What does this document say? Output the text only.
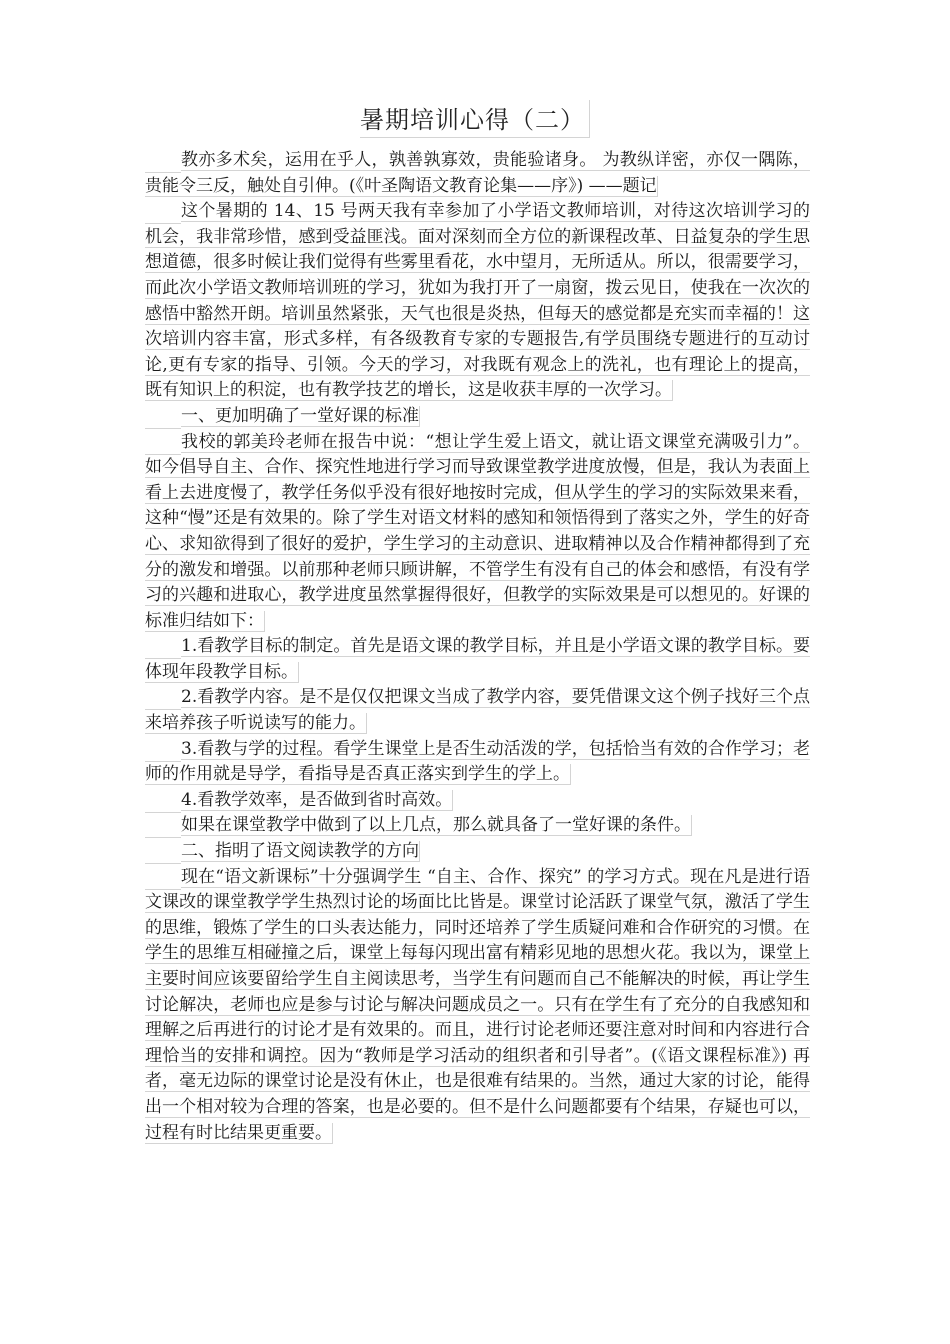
暑期培训心得（二）

教亦多术矣，运用在乎人，孰善孰寡效，贵能验诸身。 为教纵详密，亦仅一隅陈，贵能令三反，触处自引伸。(《叶圣陶语文教育论集——序》) ——题记

这个暑期的 14、15 号两天我有幸参加了小学语文教师培训，对待这次培训学习的机会，我非常珍惜，感到受益匪浅。面对深刻而全方位的新课程改革、日益复杂的学生思想道德，很多时候让我们觉得有些雾里看花，水中望月，无所适从。所以，很需要学习，而此次小学语文教师培训班的学习，犹如为我打开了一扇窗，拨云见日，使我在一次次的感悟中豁然开朗。培训虽然紧张，天气也很是炎热，但每天的感觉都是充实而幸福的！这次培训内容丰富，形式多样，有各级教育专家的专题报告,有学员围绕专题进行的互动讨论,更有专家的指导、引领。今天的学习，对我既有观念上的洗礼，也有理论上的提高，既有知识上的积淀，也有教学技艺的增长，这是收获丰厚的一次学习。

一、更加明确了一堂好课的标准

我校的郭美玲老师在报告中说：“想让学生爱上语文，就让语文课堂充满吸引力”。 如今倡导自主、合作、探究性地进行学习而导致课堂教学进度放慢，但是，我认为表面上看上去进度慢了，教学任务似乎没有很好地按时完成，但从学生的学习的实际效果来看，这种“慢”还是有效果的。除了学生对语文材料的感知和领悟得到了落实之外，学生的好奇心、求知欲得到了很好的爱护，学生学习的主动意识、进取精神以及合作精神都得到了充分的激发和增强。以前那种老师只顾讲解，不管学生有没有自己的体会和感悟，有没有学习的兴趣和进取心，教学进度虽然掌握得很好，但教学的实际效果是可以想见的。好课的标准归结如下：

1.看教学目标的制定。首先是语文课的教学目标，并且是小学语文课的教学目标。要体现年段教学目标。

2.看教学内容。是不是仅仅把课文当成了教学内容，要凭借课文这个例子找好三个点来培养孩子听说读写的能力。

3.看教与学的过程。看学生课堂上是否生动活泼的学，包括恰当有效的合作学习；老师的作用就是导学，看指导是否真正落实到学生的学上。

4.看教学效率，是否做到省时高效。

如果在课堂教学中做到了以上几点，那么就具备了一堂好课的条件。

二、指明了语文阅读教学的方向

现在“语文新课标”十分强调学生 “自主、合作、探究” 的学习方式。现在凡是进行语文课改的课堂教学学生热烈讨论的场面比比皆是。课堂讨论活跃了课堂气氛，激活了学生的思维，锻炼了学生的口头表达能力，同时还培养了学生质疑问难和合作研究的习惯。在学生的思维互相碰撞之后，课堂上每每闪现出富有精彩见地的思想火花。我以为，课堂上主要时间应该要留给学生自主阅读思考，当学生有问题而自己不能解决的时候，再让学生讨论解决，老师也应是参与讨论与解决问题成员之一。只有在学生有了充分的自我感知和理解之后再进行的讨论才是有效果的。而且，进行讨论老师还要注意对时间和内容进行合理恰当的安排和调控。因为“教师是学习活动的组织者和引导者”。(《语文课程标准》) 再者，毫无边际的课堂讨论是没有休止，也是很难有结果的。当然，通过大家的讨论，能得出一个相对较为合理的答案，也是必要的。但不是什么问题都要有个结果，存疑也可以，过程有时比结果更重要。
